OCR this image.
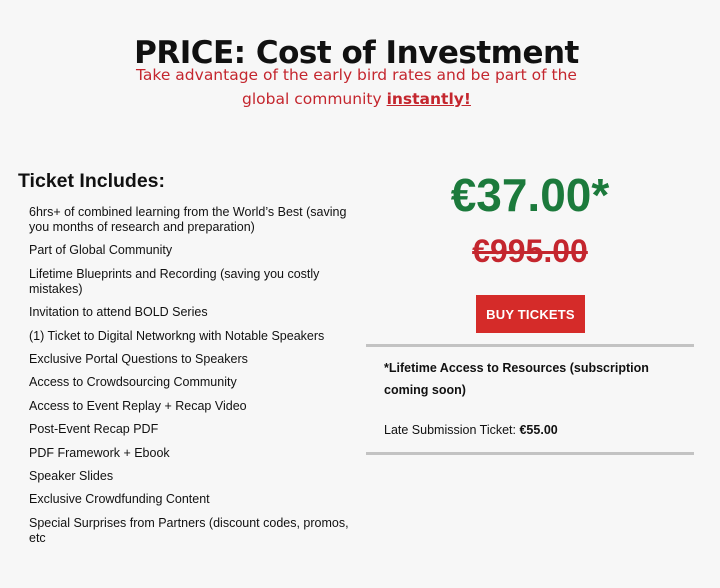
PRICE: Cost of Investment
Take advantage of the early bird rates and be part of the global community instantly!
Ticket Includes:
6hrs+ of combined learning from the World’s Best (saving you months of research and preparation)
Part of Global Community
Lifetime Blueprints and Recording (saving you costly mistakes)
Invitation to attend BOLD Series
(1) Ticket to Digital Networkng with Notable Speakers
Exclusive Portal Questions to Speakers
Access to Crowdsourcing Community
Access to Event Replay + Recap Video
Post-Event Recap PDF
PDF Framework + Ebook
Speaker Slides
Exclusive Crowdfunding Content
Special Surprises from Partners (discount codes, promos, etc
€37.00*
€995.00
BUY TICKETS
*Lifetime Access to Resources (subscription coming soon)
Late Submission Ticket: €55.00
